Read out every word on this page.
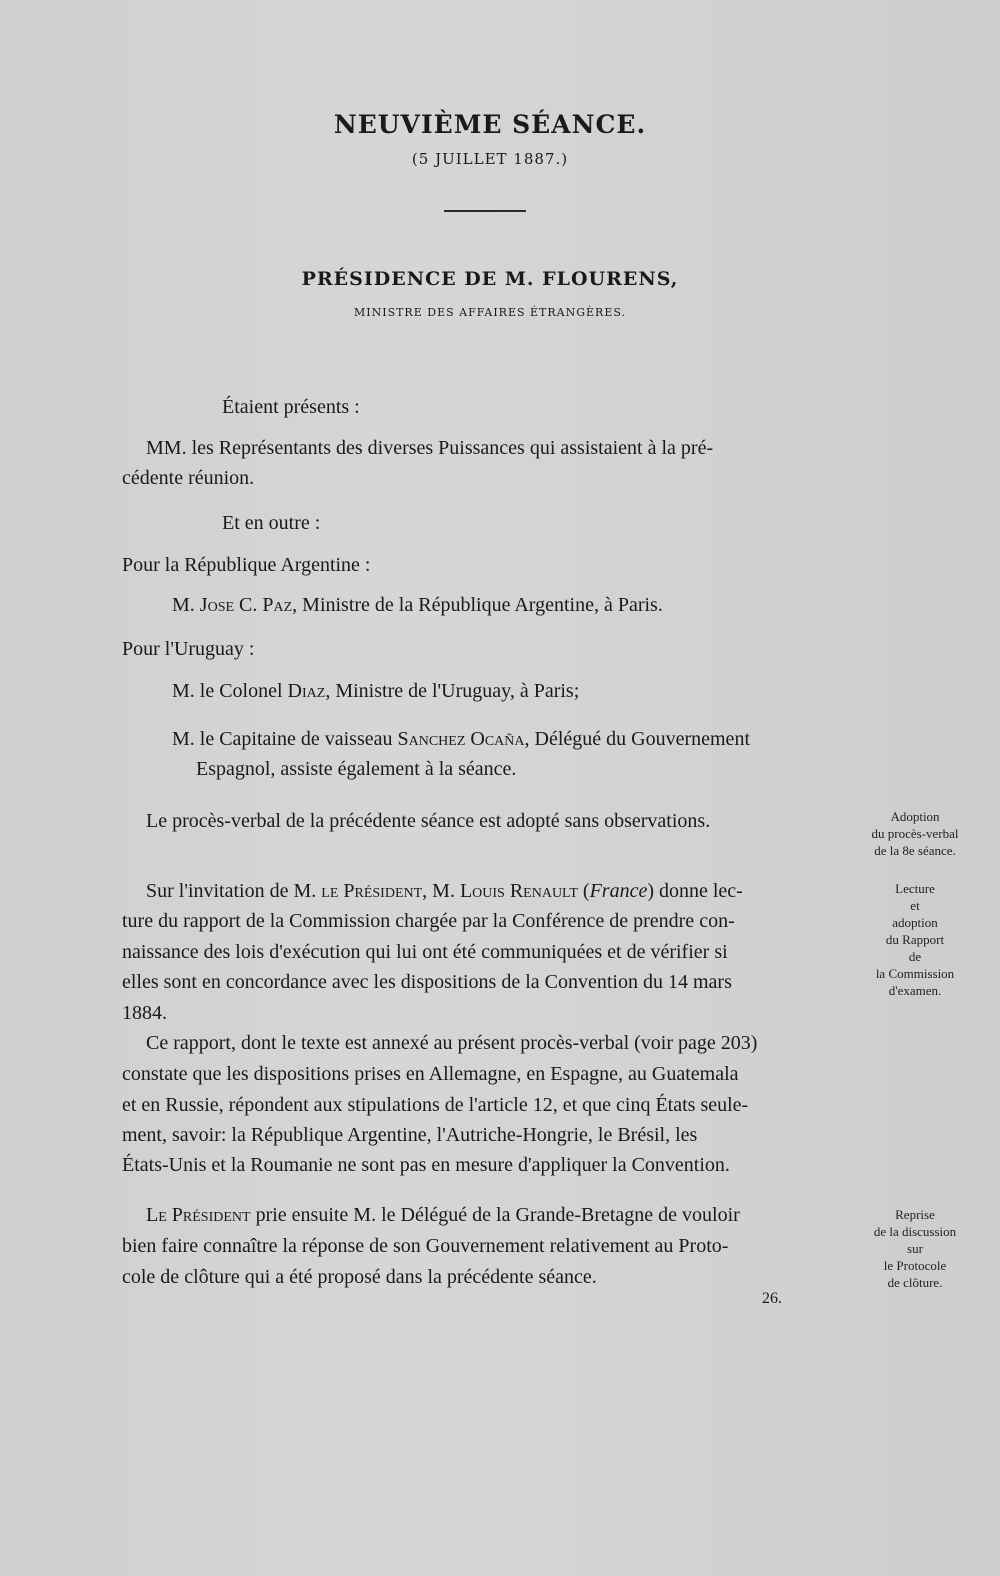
NEUVIÈME SÉANCE.
(5 JUILLET 1887.)
PRÉSIDENCE DE M. FLOURENS,
MINISTRE DES AFFAIRES ÉTRANGÈRES.
Étaient présents :
MM. les Représentants des diverses Puissances qui assistaient à la pré-
cédente réunion.
Et en outre :
Pour la République Argentine :
M. Jose C. Paz, Ministre de la République Argentine, à Paris.
Pour l'Uruguay :
M. le Colonel Diaz, Ministre de l'Uruguay, à Paris;
M. le Capitaine de vaisseau Sanchez Ocaña, Délégué du Gouvernement
Espagnol, assiste également à la séance.
Le procès-verbal de la précédente séance est adopté sans observations.
Sur l'invitation de M. le Président, M. Louis Renault (France) donne lec-
ture du rapport de la Commission chargée par la Conférence de prendre con-
naissance des lois d'exécution qui lui ont été communiquées et de vérifier si
elles sont en concordance avec les dispositions de la Convention du 14 mars
1884.
Ce rapport, dont le texte est annexé au présent procès-verbal (voir page 203)
constate que les dispositions prises en Allemagne, en Espagne, au Guatemala
et en Russie, répondent aux stipulations de l'article 12, et que cinq États seule-
ment, savoir: la République Argentine, l'Autriche-Hongrie, le Brésil, les
États-Unis et la Roumanie ne sont pas en mesure d'appliquer la Convention.
Le Président prie ensuite M. le Délégué de la Grande-Bretagne de vouloir
bien faire connaître la réponse de son Gouvernement relativement au Proto-
cole de clôture qui a été proposé dans la précédente séance.
Adoption
du procès-verbal
de la 8e séance.
Lecture
et
adoption
du Rapport
de
la Commission
d'examen.
Reprise
de la discussion
sur
le Protocole
de clôture.
26.
